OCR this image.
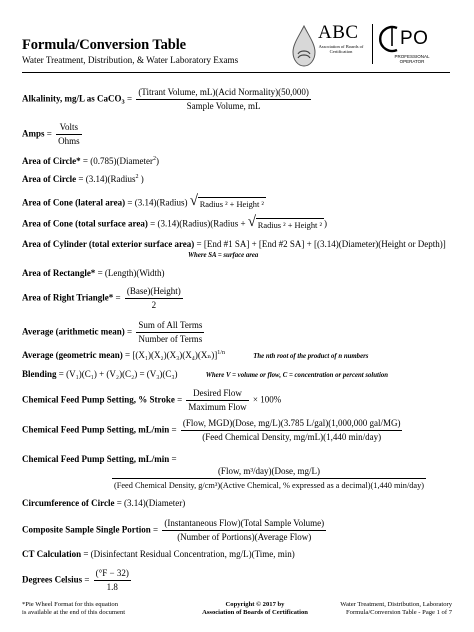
Formula/Conversion Table
Water Treatment, Distribution, & Water Laboratory Exams
ABC
Association of Boards of Certification
PO
PROFESSIONAL OPERATOR
Alkalinity, mg/L as CaCO$_3$ = $\frac{\text{(Titrant Volume, mL)(Acid Normality)(50,000)}}{\text{Sample Volume, mL}}$
Amps = $\frac{\text{Volts}}{\text{Ohms}}$
Area of Circle* = (0.785)(Diameter$^2$)
Area of Circle = (3.14)(Radius$^2$ )
Area of Cone (lateral area) = (3.14)(Radius) √ Radius ² + Height ²
Area of Cone (total surface area) = (3.14)(Radius)(Radius + √ Radius ² + Height ² )
Area of Cylinder (total exterior surface area) = [End #1 SA] + [End #2 SA] + [(3.14)(Diameter)(Height or Depth)]
Where SA = surface area
Area of Rectangle* = (Length)(Width)
Area of Right Triangle* = $\frac{\text{(Base)(Height)}}{2}$
Average (arithmetic mean) = $\frac{\text{Sum of All Terms}}{\text{Number of Terms}}$
Average (geometric mean) = $[(X_1)(X_2)(X_3)(X_4)(X_n)]^{1/n}$	The nth root of the product of n numbers
Blending = (V₁)(C₁) + (V₂)(C₂) = (V₃)(C₃)	Where V = volume or flow, C = concentration or percent solution
Chemical Feed Pump Setting, % Stroke = $\frac{\text{Desired Flow}}{\text{Maximum Flow}} \times 100\%$
Chemical Feed Pump Setting, $mL/\min = \frac{\text{(Flow, MGD)(Dose, mg/L)(3.785 L/gal)(1,000,000 gal/MG)}}{\text{(Feed Chemical Density, mg/mL)(1,440 min/day)}}$
Chemical Feed Pump Setting, mL/min =
(Flow, m³/day)(Dose, mg/L)
(Feed Chemical Density, g/cm³)(Active Chemical, % expressed as a decimal)(1,440 min/day)
Circumference of Circle = (3.14)(Diameter)
Composite Sample Single Portion = $\frac{\text{(Instantaneous Flow)(Total Sample Volume)}}{\text{(Number of Portions)(Average Flow)}}$
CT Calculation = (Disinfectant Residual Concentration, mg/L)(Time, min)
Degrees Celsius = $\frac{(^\circ F - 32)}{1.8}$
*Pie Wheel Format for this equation
is available at the end of this document
Copyright © 2017 by
Association of Boards of Certification
Water Treatment, Distribution, Laboratory
Formula/Conversion Table - Page 1 of 7
